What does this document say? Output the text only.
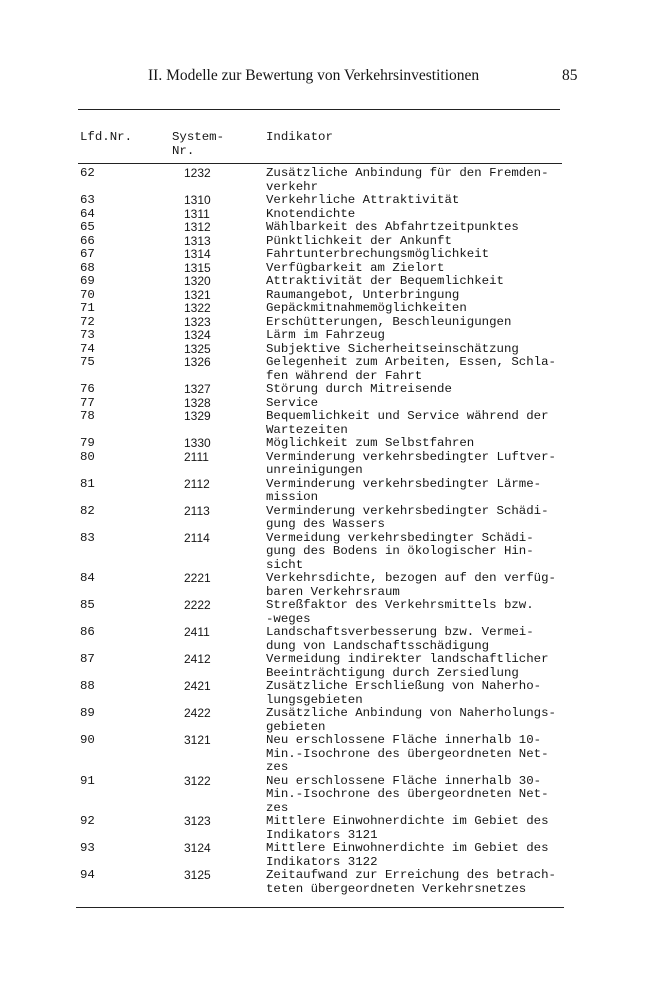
II. Modelle zur Bewertung von Verkehrsinvestitionen	85
Lfd.Nr.	System-
Nr.
Indikator
62	1232	Zusätzliche Anbindung für den Fremden-
verkehr
63	1310	Verkehrliche Attraktivität
64	1311	Knotendichte
65	1312	Wählbarkeit des Abfahrtzeitpunktes
66	1313	Pünktlichkeit der Ankunft
67	1314	Fahrtunterbrechungsmöglichkeit
68	1315	Verfügbarkeit am Zielort
69	1320	Attraktivität der Bequemlichkeit
70	1321	Raumangebot, Unterbringung
71	1322	Gepäckmitnahmemöglichkeiten
72	1323	Erschütterungen, Beschleunigungen
73	1324	Lärm im Fahrzeug
74	1325	Subjektive Sicherheitseinschätzung
75	1326	Gelegenheit zum Arbeiten, Essen, Schla-
fen während der Fahrt
76	1327	Störung durch Mitreisende
77	1328	Service
78	1329	Bequemlichkeit und Service während der
Wartezeiten
79	1330	Möglichkeit zum Selbstfahren
80	2111	Verminderung verkehrsbedingter Luftver-
unreinigungen
81	2112	Verminderung verkehrsbedingter Lärme-
mission
82	2113	Verminderung verkehrsbedingter Schädi-
gung des Wassers
83	2114	Vermeidung verkehrsbedingter Schädi-
gung des Bodens in ökologischer Hin-
sicht
84	2221	Verkehrsdichte, bezogen auf den verfüg-
baren Verkehrsraum
85	2222	Streßfaktor des Verkehrsmittels bzw.
-weges
86	2411	Landschaftsverbesserung bzw. Vermei-
dung von Landschaftsschädigung
87	2412	Vermeidung indirekter landschaftlicher
Beeinträchtigung durch Zersiedlung
88	2421	Zusätzliche Erschließung von Naherho-
lungsgebieten
89	2422	Zusätzliche Anbindung von Naherholungs-
gebieten
90	3121	Neu erschlossene Fläche innerhalb 10-
Min.-Isochrone des übergeordneten Net-
zes
91	3122	Neu erschlossene Fläche innerhalb 30-
Min.-Isochrone des übergeordneten Net-
zes
92	3123	Mittlere Einwohnerdichte im Gebiet des
Indikators 3121
93	3124	Mittlere Einwohnerdichte im Gebiet des
Indikators 3122
94	3125	Zeitaufwand zur Erreichung des betrach-
teten übergeordneten Verkehrsnetzes
